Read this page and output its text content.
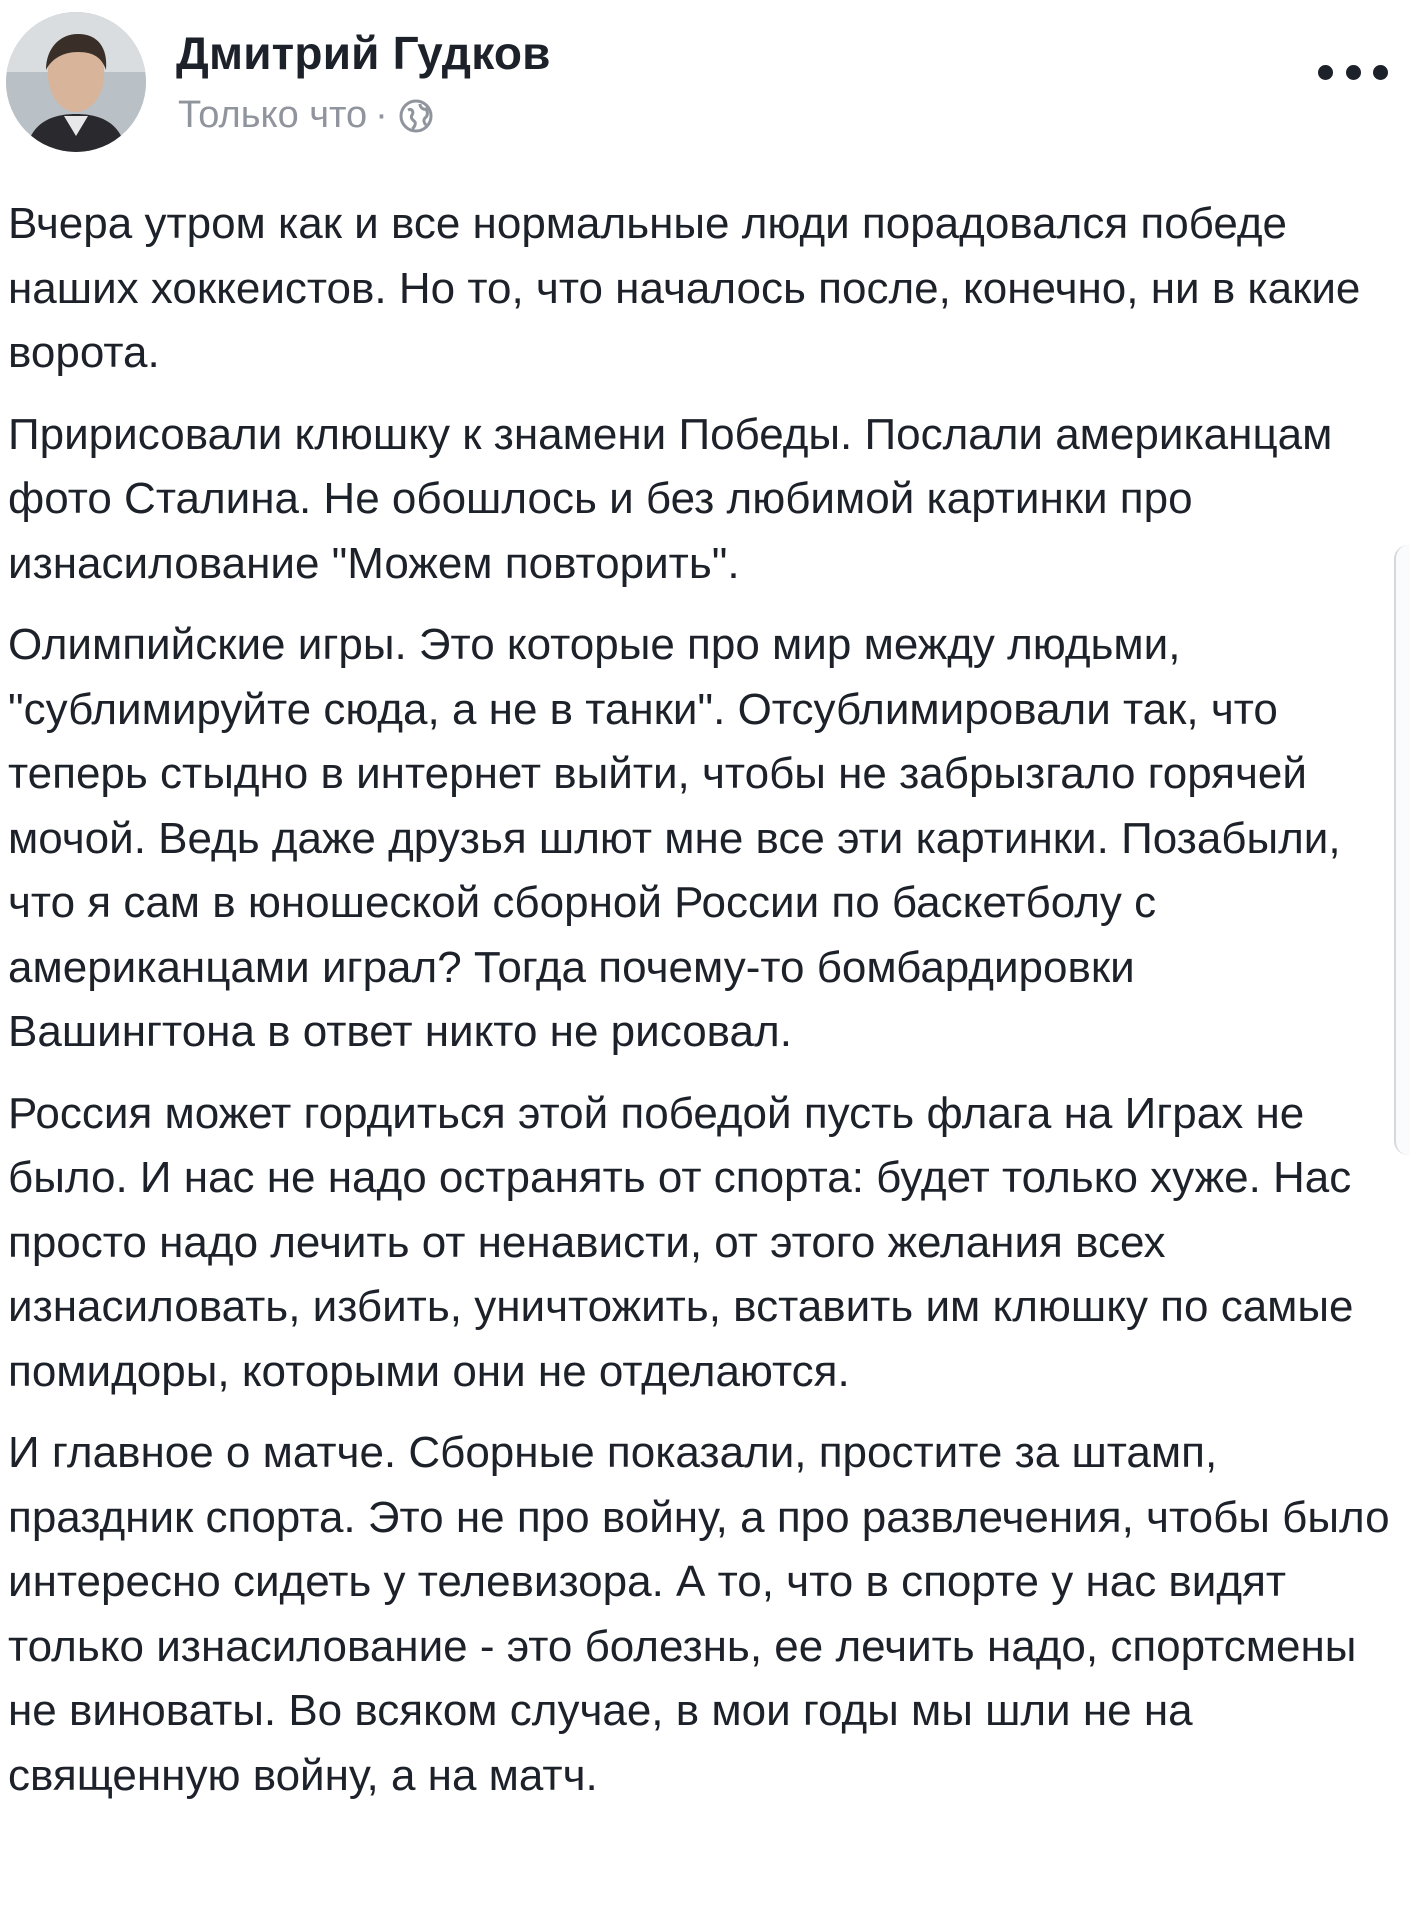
Дмитрий Гудков
Только что ·

Вчера утром как и все нормальные люди порадовался победе наших хоккеистов. Но то, что началось после, конечно, ни в какие ворота.

Пририсовали клюшку к знамени Победы. Послали американцам фото Сталина. Не обошлось и без любимой картинки про изнасилование "Можем повторить".

Олимпийские игры. Это которые про мир между людьми, "сублимируйте сюда, а не в танки". Отсублимировали так, что теперь стыдно в интернет выйти, чтобы не забрызгало горячей мочой. Ведь даже друзья шлют мне все эти картинки. Позабыли, что я сам в юношеской сборной России по баскетболу с американцами играл? Тогда почему-то бомбардировки Вашингтона в ответ никто не рисовал.

Россия может гордиться этой победой пусть флага на Играх не было. И нас не надо остранять от спорта: будет только хуже. Нас просто надо лечить от ненависти, от этого желания всех изнасиловать, избить, уничтожить, вставить им клюшку по самые помидоры, которыми они не отделаются.

И главное о матче. Сборные показали, простите за штамп, праздник спорта. Это не про войну, а про развлечения, чтобы было интересно сидеть у телевизора. А то, что в спорте у нас видят только изнасилование - это болезнь, ее лечить надо, спортсмены не виноваты. Во всяком случае, в мои годы мы шли не на священную войну, а на матч.
